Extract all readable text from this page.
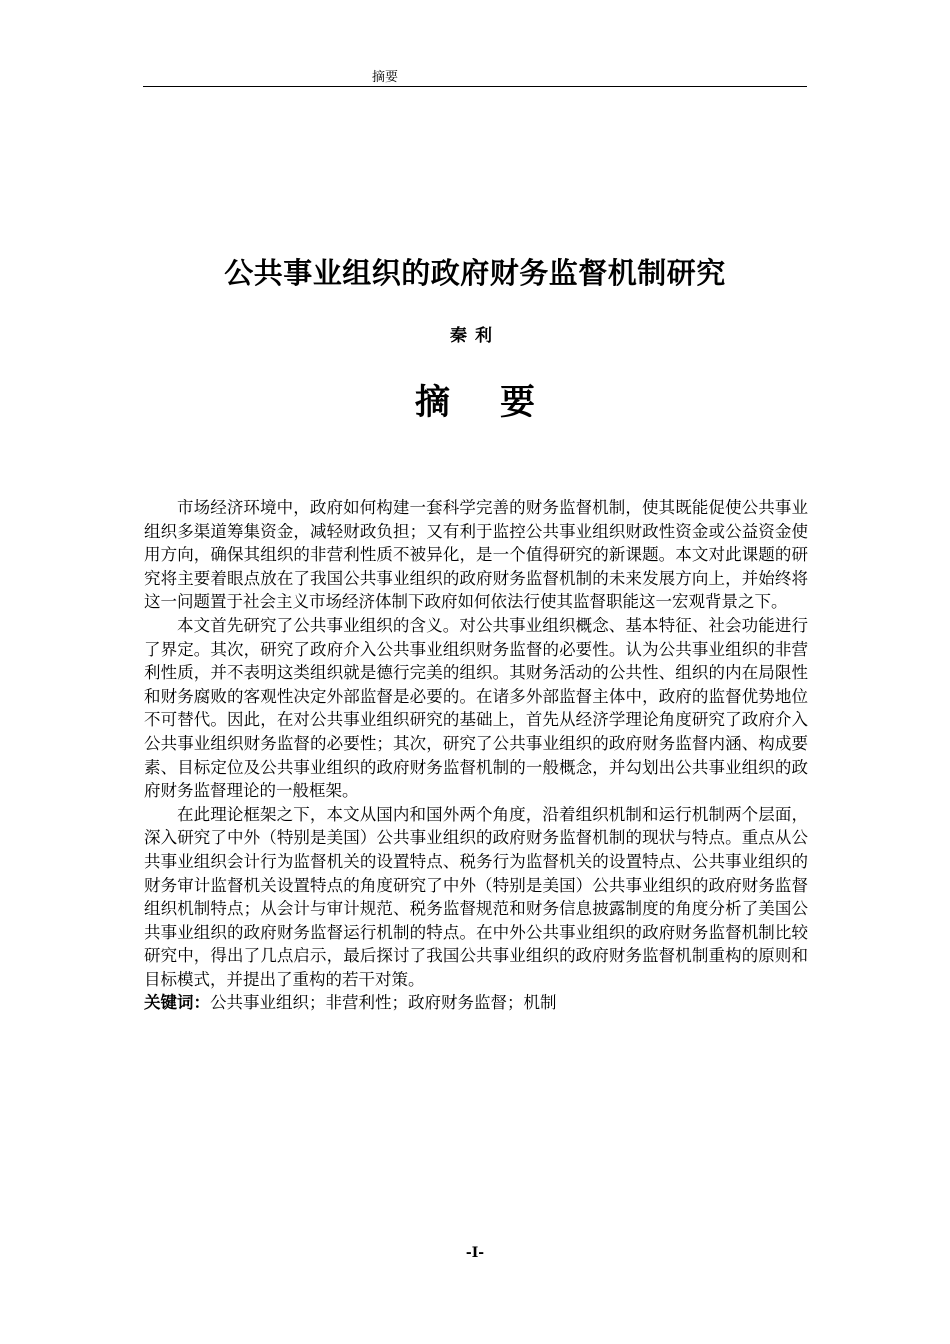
摘要
公共事业组织的政府财务监督机制研究
秦利
摘要

市场经济环境中，政府如何构建一套科学完善的财务监督机制，使其既能促使公共事业组织多渠道筹集资金，减轻财政负担；又有利于监控公共事业组织财政性资金或公益资金使用方向，确保其组织的非营利性质不被异化，是一个值得研究的新课题。本文对此课题的研究将主要着眼点放在了我国公共事业组织的政府财务监督机制的未来发展方向上，并始终将这一问题置于社会主义市场经济体制下政府如何依法行使其监督职能这一宏观背景之下。

本文首先研究了公共事业组织的含义。对公共事业组织概念、基本特征、社会功能进行了界定。其次，研究了政府介入公共事业组织财务监督的必要性。认为公共事业组织的非营利性质，并不表明这类组织就是德行完美的组织。其财务活动的公共性、组织的内在局限性和财务腐败的客观性决定外部监督是必要的。在诸多外部监督主体中，政府的监督优势地位不可替代。因此，在对公共事业组织研究的基础上，首先从经济学理论角度研究了政府介入公共事业组织财务监督的必要性；其次，研究了公共事业组织的政府财务监督内涵、构成要素、目标定位及公共事业组织的政府财务监督机制的一般概念，并勾划出公共事业组织的政府财务监督理论的一般框架。

在此理论框架之下，本文从国内和国外两个角度，沿着组织机制和运行机制两个层面，深入研究了中外（特别是美国）公共事业组织的政府财务监督机制的现状与特点。重点从公共事业组织会计行为监督机关的设置特点、税务行为监督机关的设置特点、公共事业组织的财务审计监督机关设置特点的角度研究了中外（特别是美国）公共事业组织的政府财务监督组织机制特点；从会计与审计规范、税务监督规范和财务信息披露制度的角度分析了美国公共事业组织的政府财务监督运行机制的特点。在中外公共事业组织的政府财务监督机制比较研究中，得出了几点启示，最后探讨了我国公共事业组织的政府财务监督机制重构的原则和目标模式，并提出了重构的若干对策。

关键词：公共事业组织；非营利性；政府财务监督；机制
-I-
